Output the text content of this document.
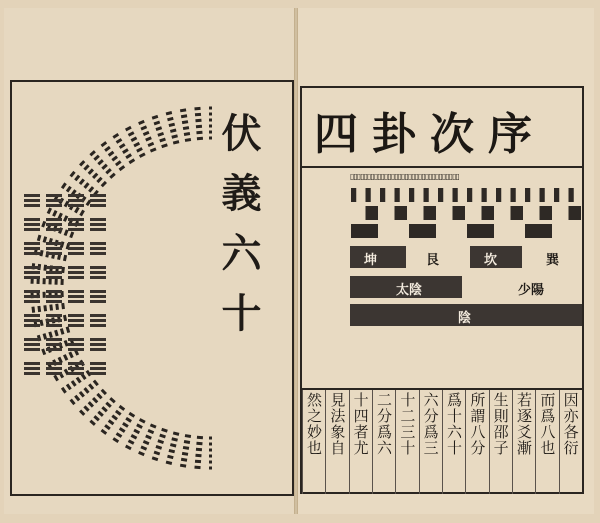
伏義六十	四卦次序
▯▯▯▯▯▯▯▯▯▯▯▯▯▯▯▯▯▯▯▯▯▯▯▯▯▯▯▯▯▯▯▯
坤	艮	坎	巽
太陰	少陽
陰
因亦各衍
而爲八也
若逐爻漸
生則邵子
所謂八分
爲十六十
六分爲三
十二三十
二分爲六
十四者尤
見法象自
然之妙也
